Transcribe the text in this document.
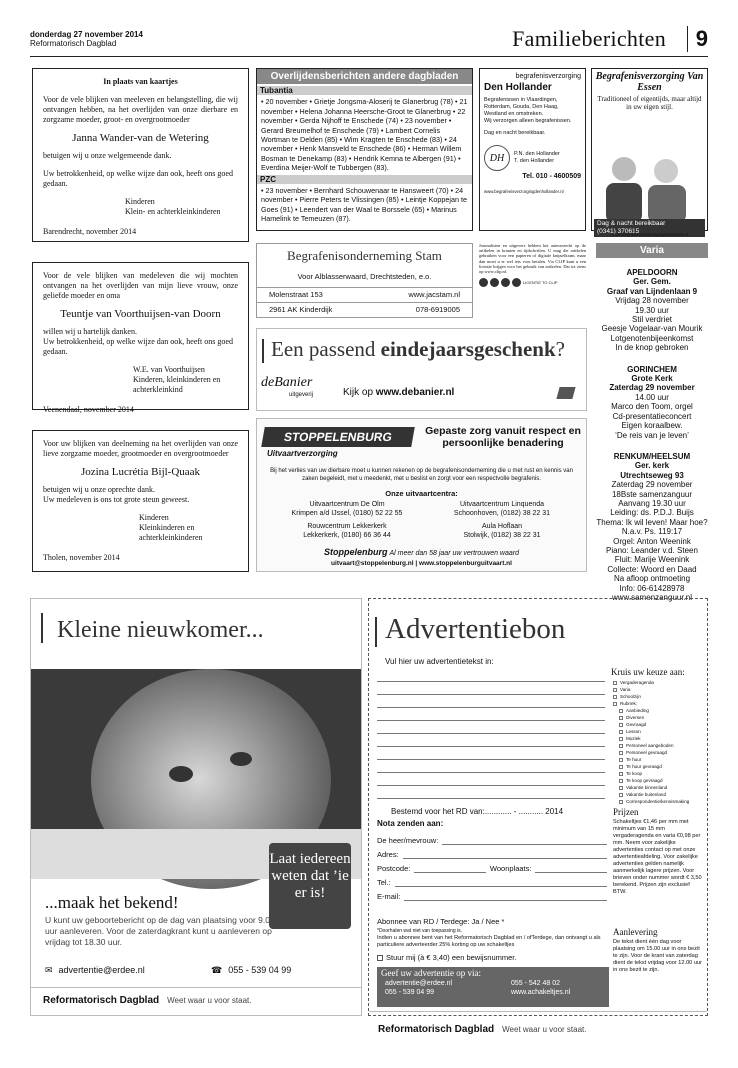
donderdag 27 november 2014
Reformatorisch Dagblad	Familieberichten	9
In plaats van kaartjes
Voor de vele blijken van meeleven en belangstelling, die wij ontvangen hebben, na het overlijden van onze dierbare en zorgzame moeder, groot- en overgrootmoeder
Janna Wander-van de Wetering
betuigen wij u onze welgemeende dank.
Uw betrokkenheid, op welke wijze dan ook, heeft ons goed gedaan.
Kinderen
Klein- en achterkleinkinderen
Barendrecht, november 2014
Voor de vele blijken van medeleven die wij mochten ontvangen na het overlijden van mijn lieve vrouw, onze geliefde moeder en oma
Teuntje van Voorthuijsen-van Doorn
willen wij u hartelijk danken.
Uw betrokkenheid, op welke wijze dan ook, heeft ons goed gedaan.
W.E. van Voorthuijsen
Kinderen, kleinkinderen en
achterkleinkind
Veenendaal, november 2014
Voor uw blijken van deelneming na het overlijden van onze lieve zorgzame moeder, grootmoeder en overgrootmoeder
Jozina Lucrétia Bijl-Quaak
betuigen wij u onze oprechte dank.
Uw medeleven is ons tot grote steun geweest.
Kinderen
Kleinkinderen en
achterkleinkinderen
Tholen, november 2014
Overlijdensberichten andere dagbladen
Tubantia
• 20 november • Grietje Jongsma-Aloserij te Glanerbrug (78) • 21 november • Helena Johanna Heersche-Groot te Glanerbrug • 22 november • Gerda Nijhoff te Enschede (74) • 23 november • Gerard Breumelhof te Enschede (79) • Lambert Cornelis Wortman te Delden (85) • Wim Kragten te Enschede (83) • 24 november • Henk Mansveld te Enschede (86) • Herman Willem Bosman te Denekamp (83) • Hendrik Kemna te Albergen (91) • Everdina Meijer-Wolf te Tubbergen (83).
PZC
• 23 november • Bernhard Schouwenaar te Hansweert (70) • 24 november • Pierre Peters te Vlissingen (85) • Leintje Koppejan te Goes (91) • Leendert van der Waal te Borssele (65) • Marinus Hamelink te Temeuzen (87).
begrafenisverzorging
Den Hollander
Begrafenissen in Vlaardingen, Rotterdam, Gouda, Den Haag, Westland en omstreken.
Wij verzorgen alleen begrafenissen.
Dag en nacht bereikbaar.
DH	P.N. den Hollander
T. den Hollander
Tel. 010 - 4600509
www.begrafenisverzorgingdenhollander.nl
Begrafenisverzorging Van Essen
Traditioneel of eigentijds, maar altijd in uw eigen stijl.
Dag & nacht bereikbaar
(0341) 370615
www.begrafenisverzorgingvanessen.nl
Begrafenisonderneming Stam
Voor Alblasserwaard, Drechtsteden, e.o.
Molenstraat 153	www.jacstam.nl
2961 AK Kinderdijk	078-6919005
Journalisten en uitgevers hebben het auteursrecht op de artikelen in kranten en tijdschriften. U mag die artikelen gebruiken voor een papieren of digitale knipselkrant, maar dan moet u er wel iets voor betalen. Via CLIP kunt u een licentie krijgen voor het gebruik van artikelen. Dat tot ziens op www.clip.nl.
LICENTIE TO CLIP
Varia
APELDOORN
Ger. Gem.
Graaf van Lijndenlaan 9
Vrijdag 28 november
19.30 uur
Stil verdriet
Geesje Vogelaar-van Mourik
Lotgenotenbijeenkomst
In de knop gebroken
GORINCHEM
Grote Kerk
Zaterdag 29 november
14.00 uur
Marco den Toom, orgel
Cd-presentatieconcert
Eigen koraalbew.
‘De reis van je leven’
RENKUM/HEELSUM
Ger. kerk
Utrechtseweg 93
Zaterdag 29 november
18Bste samenzanguur
Aanvang 19.30 uur
Leiding: ds. P.D.J. Buijs
Thema: Ik wil leven! Maar hoe? N.a.v. Ps. 119:17
Orgel: Anton Weenink
Piano: Leander v.d. Steen
Fluit: Marije Weenink
Collecte: Woord en Daad
Na afloop ontmoeting
Info: 06-61428978
www.samenzanguur.nl
Een passend eindejaarsgeschenk?
deBanier
uitgeverij	Kijk op www.debanier.nl
STOPPELENBURG
Uitvaartverzorging
Gepaste zorg vanuit respect en persoonlijke benadering
Bij het verlies van uw dierbare moet u kunnen rekenen op de begrafenisonderneming die u met rust en kennis van zaken begeleidt, met u meedenkt, met u beslist en zorgt voor een respectvolle begrafenis.
Onze uitvaartcentra:
Uitvaartcentrum De Olm
Krimpen a/d IJssel, (0180) 52 22 55
Uitvaartcentrum Linquenda
Schoonhoven, (0182) 38 22 31
Rouwcentrum Lekkerkerk
Lekkerkerk, (0180) 66 36 44
Aula Hoflaan
Stolwijk, (0182) 38 22 31
Stoppelenburg Al meer dan 58 jaar uw vertrouwen waard
uitvaart@stoppelenburg.nl | www.stoppelenburguitvaart.nl
Kleine nieuwkomer...
Laat iedereen weten dat ’ie er is!
...maak het bekend!
U kunt uw geboortebericht op de dag van plaatsing voor 9.00 uur aanleveren. Voor de zaterdagkrant kunt u aanleveren op vrijdag tot 18.30 uur.
✉ advertentie@erdee.nl	☎ 055 - 539 04 99
Reformatorisch Dagblad Weet waar u voor staat.
Advertentiebon
Vul hier uw advertentietekst in:
Kruis uw keuze aan:
Vergaderagenda
Varia
Schoolzijn
Rubriek:
Aanbieding
Diversen
Gevraagd
Lesson
Muziek
Personeel aangeboden
Personeel gevraagd
Te huur
Te huur gevraagd
Te koop
Te koop gevraagd
Vakantie binnenland
Vakantie buitenland
Correspondentie/kennismaking
Bestemd voor het RD van:............ - ........... 2014
Nota zenden aan:
De heer/mevrouw:
Adres:
Postcode:	Woonplaats:
Tel.:
E-mail:
Abonnee van RD / Terdege: Ja / Nee *
*Doorhalen wat niet van toepassing is.
Indien u abonnee bent van het Reformatorisch Dagblad en / ofTerdege, dan ontvangt u als particuliere adverteerder 25% korting op uw schakeltjes
Stuur mij (à € 3,40) een bewijsnummer.
Geef uw advertentie op via:
advertentie@erdee.nl	055 - 542 48 02
055 - 539 04 99	www.achakeltjes.nl
Prijzen
Schakeltjes €1,46 per mm met minimum van 15 mm vergaderagenda en varia €0,98 per mm. Neem voor zakelijke advertenties contact op met onze advertentieafdeling. Voor zakelijke advertenties gelden namelijk aanmerkelijk lagere prijzen. Voor brieven onder nummer wordt € 3,50 berekend. Prijzen zijn exclusief BTW.
Aanlevering
De tekst dient één dag voor plaatsing om 15.00 uur in ons bezit te zijn. Voor de krant van zaterdag dient de tekst vrijdag voor 12.00 uur in ons bezit te zijn.
Reformatorisch Dagblad Weet waar u voor staat.
